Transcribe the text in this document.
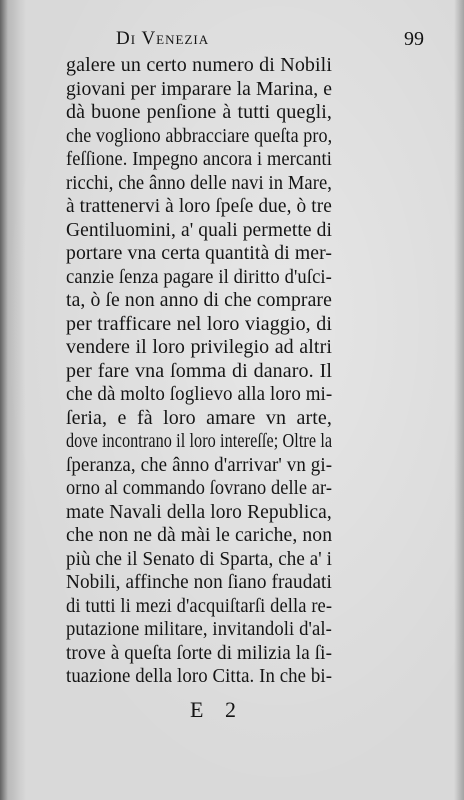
Di Venezia	99
galere un certo numero di Nobili
giovani per imparare la Marina, e
dà buone penſione à tutti quegli,
che vogliono abbracciare queſta pro,
feſſione. Impegno ancora i mercanti
ricchi, che ânno delle navi in Mare,
à trattenervi à loro ſpeſe due, ò tre
Gentiluomini, a' quali permette di
portare vna certa quantità di mer-
canzie ſenza pagare il diritto d'uſci-
ta, ò ſe non anno di che comprare
per trafficare nel loro viaggio, di
vendere il loro privilegio ad altri
per fare vna ſomma di danaro. Il
che dà molto ſoglievo alla loro mi-
ſeria, e fà loro amare vn arte,
dove incontrano il loro intereſſe; Oltre la
ſperanza, che ânno d'arrivar' vn gi-
orno al commando ſovrano delle ar-
mate Navali della loro Republica,
che non ne dà mài le cariche, non
più che il Senato di Sparta, che a' i
Nobili, affinche non ſiano fraudati
di tutti li mezi d'acquiſtarſi della re-
putazione militare, invitandoli d'al-
trove à queſta ſorte di milizia la ſi-
tuazione della loro Citta. In che bi-
E 2
